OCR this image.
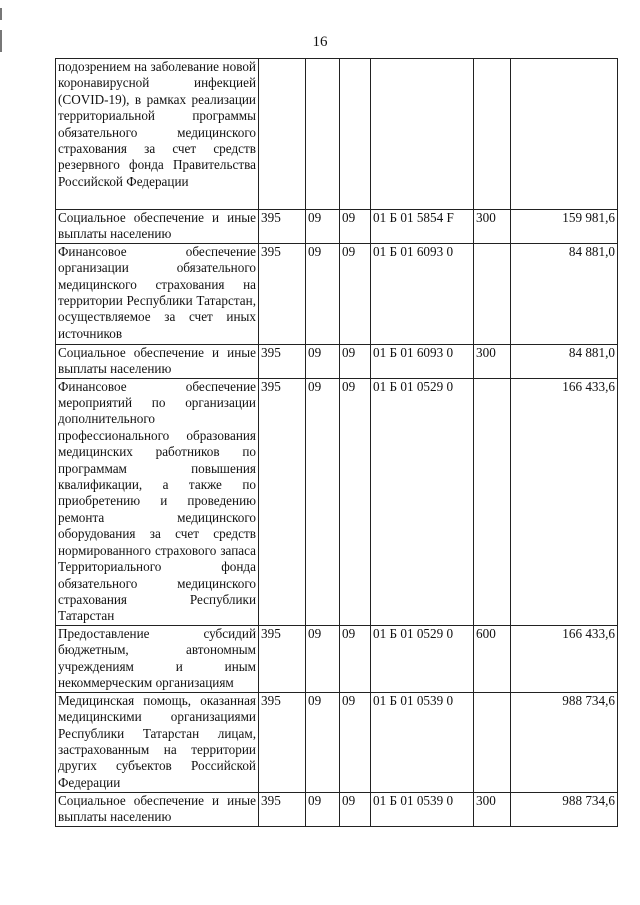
16
подозрением на заболевание новой коронавирусной инфекцией (COVID-19), в рамках реализации территориальной программы обязательного медицинского страхования за счет средств резервного фонда Правительства Российской Федерации						
Социальное обеспечение и иные выплаты населению	395	09	09	01 Б 01 5854 F	300	159 981,6
Финансовое обеспечение организации обязательного медицинского страхования на территории Республики Татарстан, осуществляемое за счет иных источников	395	09	09	01 Б 01 6093 0		84 881,0
Социальное обеспечение и иные выплаты населению	395	09	09	01 Б 01 6093 0	300	84 881,0
Финансовое обеспечение мероприятий по организации дополнительного профессионального образования медицинских работников по программам повышения квалификации, а также по приобретению и проведению ремонта медицинского оборудования за счет средств нормированного страхового запаса Территориального фонда обязательного медицинского страхования Республики Татарстан	395	09	09	01 Б 01 0529 0		166 433,6
Предоставление субсидий бюджетным, автономным учреждениям и иным некоммерческим организациям	395	09	09	01 Б 01 0529 0	600	166 433,6
Медицинская помощь, оказанная медицинскими организациями Республики Татарстан лицам, застрахованным на территории других субъектов Российской Федерации	395	09	09	01 Б 01 0539 0		988 734,6
Социальное обеспечение и иные выплаты населению	395	09	09	01 Б 01 0539 0	300	988 734,6
